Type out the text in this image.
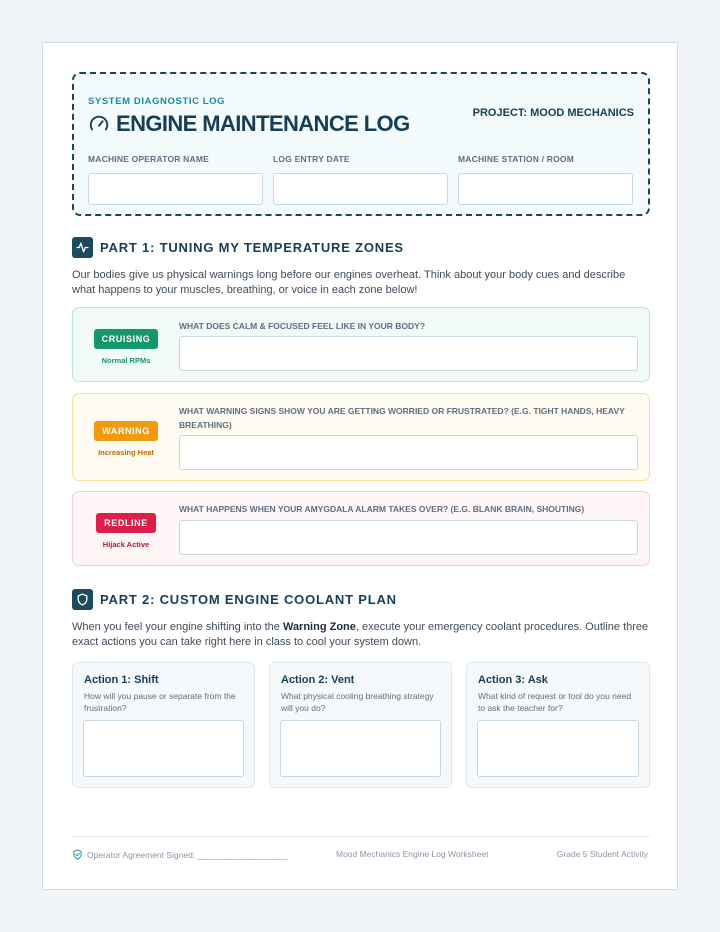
SYSTEM DIAGNOSTIC LOG
ENGINE MAINTENANCE LOG	PROJECT: MOOD MECHANICS
MACHINE OPERATOR NAME	LOG ENTRY DATE	MACHINE STATION / ROOM
PART 1: TUNING MY TEMPERATURE ZONES
Our bodies give us physical warnings long before our engines overheat. Think about your body cues and describe what happens to your muscles, breathing, or voice in each zone below!
CRUISING
Normal RPMs
WHAT DOES CALM & FOCUSED FEEL LIKE IN YOUR BODY?
WARNING
Increasing Heat
WHAT WARNING SIGNS SHOW YOU ARE GETTING WORRIED OR FRUSTRATED? (E.G. TIGHT HANDS, HEAVY BREATHING)
REDLINE
Hijack Active
WHAT HAPPENS WHEN YOUR AMYGDALA ALARM TAKES OVER? (E.G. BLANK BRAIN, SHOUTING)
PART 2: CUSTOM ENGINE COOLANT PLAN
When you feel your engine shifting into the Warning Zone, execute your emergency coolant procedures. Outline three exact actions you can take right here in class to cool your system down.
Action 1: Shift
How will you pause or separate from the frustration?
Action 2: Vent
What physical cooling breathing strategy will you do?
Action 3: Ask
What kind of request or tool do you need to ask the teacher for?
Operator Agreement Signed: ___________________	Mood Mechanics Engine Log Worksheet	Grade 5 Student Activity
